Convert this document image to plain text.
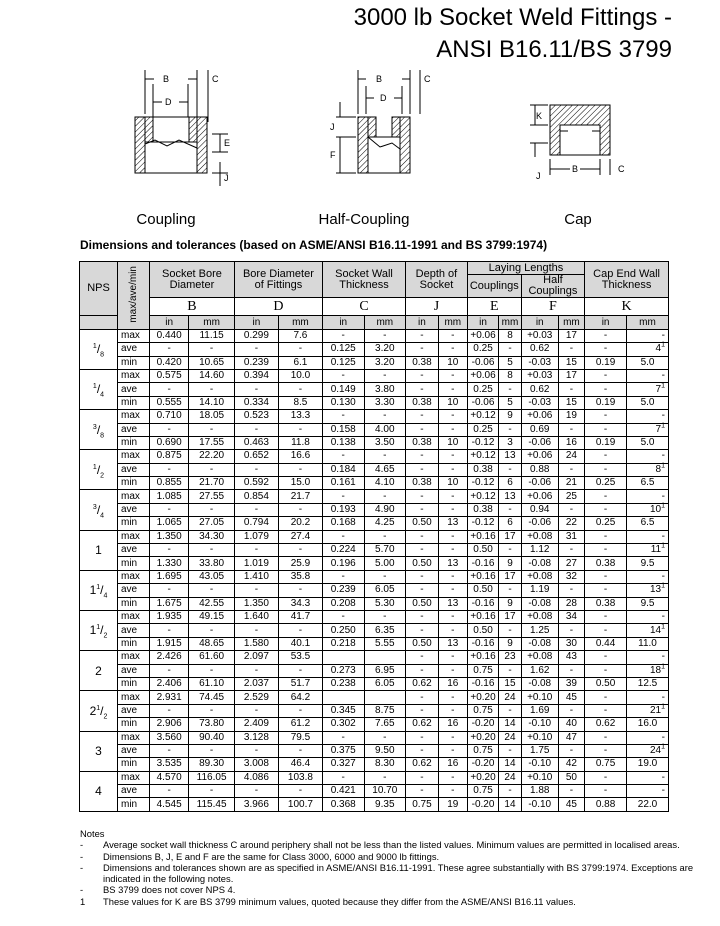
3000 lb Socket Weld Fittings -
ANSI B16.11/BS 3799
B	C
D
E
J
B	C
D
J
F
K
J
B	C
Coupling	Half-Coupling	Cap
Dimensions and tolerances (based on ASME/ANSI B16.11-1991 and BS 3799:1974)
NPS	max/ave/min	Socket Bore Diameter		Bore Diameter of Fittings		Socket Wall Thickness		Depth of Socket		Laying Lengths				Cap End Wall Thickness	
										Couplings		Half Couplings			
		B		D		C		J		E		F		K	
		in	mm	in	mm	in	mm	in	mm	in	mm	in	mm	in	mm
$^1/_8$	max	0.440	11.15	0.299	7.6	-	-	-	-	+0.06	8	+0.03	17	-	-
	ave	-	-	-	-	0.125	3.20	-	-	0.25	-	0.62	-	-	$4^1$
	min	0.420	10.65	0.239	6.1	0.125	3.20	0.38	10	-0.06	5	-0.03	15	0.19	5.0
$^1/_4$	max	0.575	14.60	0.394	10.0	-	-	-	-	+0.06	8	+0.03	17	-	-
	ave	-	-	-	-	0.149	3.80	-	-	0.25	-	0.62	-	-	$7^1$
	min	0.555	14.10	0.334	8.5	0.130	3.30	0.38	10	-0.06	5	-0.03	15	0.19	5.0
$^3/_8$	max	0.710	18.05	0.523	13.3	-	-	-	-	+0.12	9	+0.06	19	-	-
	ave	-	-	-	-	0.158	4.00	-	-	0.25	-	0.69	-	-	$7^1$
	min	0.690	17.55	0.463	11.8	0.138	3.50	0.38	10	-0.12	3	-0.06	16	0.19	5.0
$^1/_2$	max	0.875	22.20	0.652	16.6	-	-	-	-	+0.12	13	+0.06	24	-	-
	ave	-	-	-	-	0.184	4.65	-	-	0.38	-	0.88	-	-	$8^1$
	min	0.855	21.70	0.592	15.0	0.161	4.10	0.38	10	-0.12	6	-0.06	21	0.25	6.5
$^3/_4$	max	1.085	27.55	0.854	21.7	-	-	-	-	+0.12	13	+0.06	25	-	-
	ave	-	-	-	-	0.193	4.90	-	-	0.38	-	0.94	-	-	$10^1$
	min	1.065	27.05	0.794	20.2	0.168	4.25	0.50	13	-0.12	6	-0.06	22	0.25	6.5
1	max	1.350	34.30	1.079	27.4	-	-	-	-	+0.16	17	+0.08	31	-	-
	ave	-	-	-	-	0.224	5.70	-	-	0.50	-	1.12	-	-	$11^1$
	min	1.330	33.80	1.019	25.9	0.196	5.00	0.50	13	-0.16	9	-0.08	27	0.38	9.5
$1^1/_4$	max	1.695	43.05	1.410	35.8	-	-	-	-	+0.16	17	+0.08	32	-	-
	ave	-	-	-	-	0.239	6.05	-	-	0.50	-	1.19	-	-	$13^1$
	min	1.675	42.55	1.350	34.3	0.208	5.30	0.50	13	-0.16	9	-0.08	28	0.38	9.5
$1^1/_2$	max	1.935	49.15	1.640	41.7	-	-	-	-	+0.16	17	+0.08	34	-	-
	ave	-	-	-	-	0.250	6.35	-	-	0.50	-	1.25	-	-	$14^1$
	min	1.915	48.65	1.580	40.1	0.218	5.55	0.50	13	-0.16	9	-0.08	30	0.44	11.0
2	max	2.426	61.60	2.097	53.5			-	-	+0.16	23	+0.08	43	-	-
	ave	-	-	-	-	0.273	6.95	-	-	0.75	-	1.62	-	-	$18^1$
	min	2.406	61.10	2.037	51.7	0.238	6.05	0.62	16	-0.16	15	-0.08	39	0.50	12.5
$2^1/_2$	max	2.931	74.45	2.529	64.2			-	-	+0.20	24	+0.10	45	-	-
	ave	-	-	-	-	0.345	8.75	-	-	0.75	-	1.69	-	-	$21^1$
	min	2.906	73.80	2.409	61.2	0.302	7.65	0.62	16	-0.20	14	-0.10	40	0.62	16.0
3	max	3.560	90.40	3.128	79.5	-	-	-	-	+0.20	24	+0.10	47	-	-
	ave	-	-	-	-	0.375	9.50	-	-	0.75	-	1.75	-	-	$24^1$
	min	3.535	89.30	3.008	46.4	0.327	8.30	0.62	16	-0.20	14	-0.10	42	0.75	19.0
4	max	4.570	116.05	4.086	103.8	-	-	-	-	+0.20	24	+0.10	50	-	-
	ave	-	-	-	-	0.421	10.70	-	-	0.75	-	1.88	-	-	-
	min	4.545	115.45	3.966	100.7	0.368	9.35	0.75	19	-0.20	14	-0.10	45	0.88	22.0
Notes
-	Average socket wall thickness C around periphery shall not be less than the listed values. Minimum values are permitted in localised areas.
-	Dimensions B, J, E and F are the same for Class 3000, 6000 and 9000 lb fittings.
-	Dimensions and tolerances shown are as specified in ASME/ANSI B16.11-1991. These agree substantially with BS 3799:1974. Exceptions are indicated in the following notes.
-	BS 3799 does not cover NPS 4.
1	These values for K are BS 3799 minimum values, quoted because they differ from the ASME/ANSI B16.11 values.
